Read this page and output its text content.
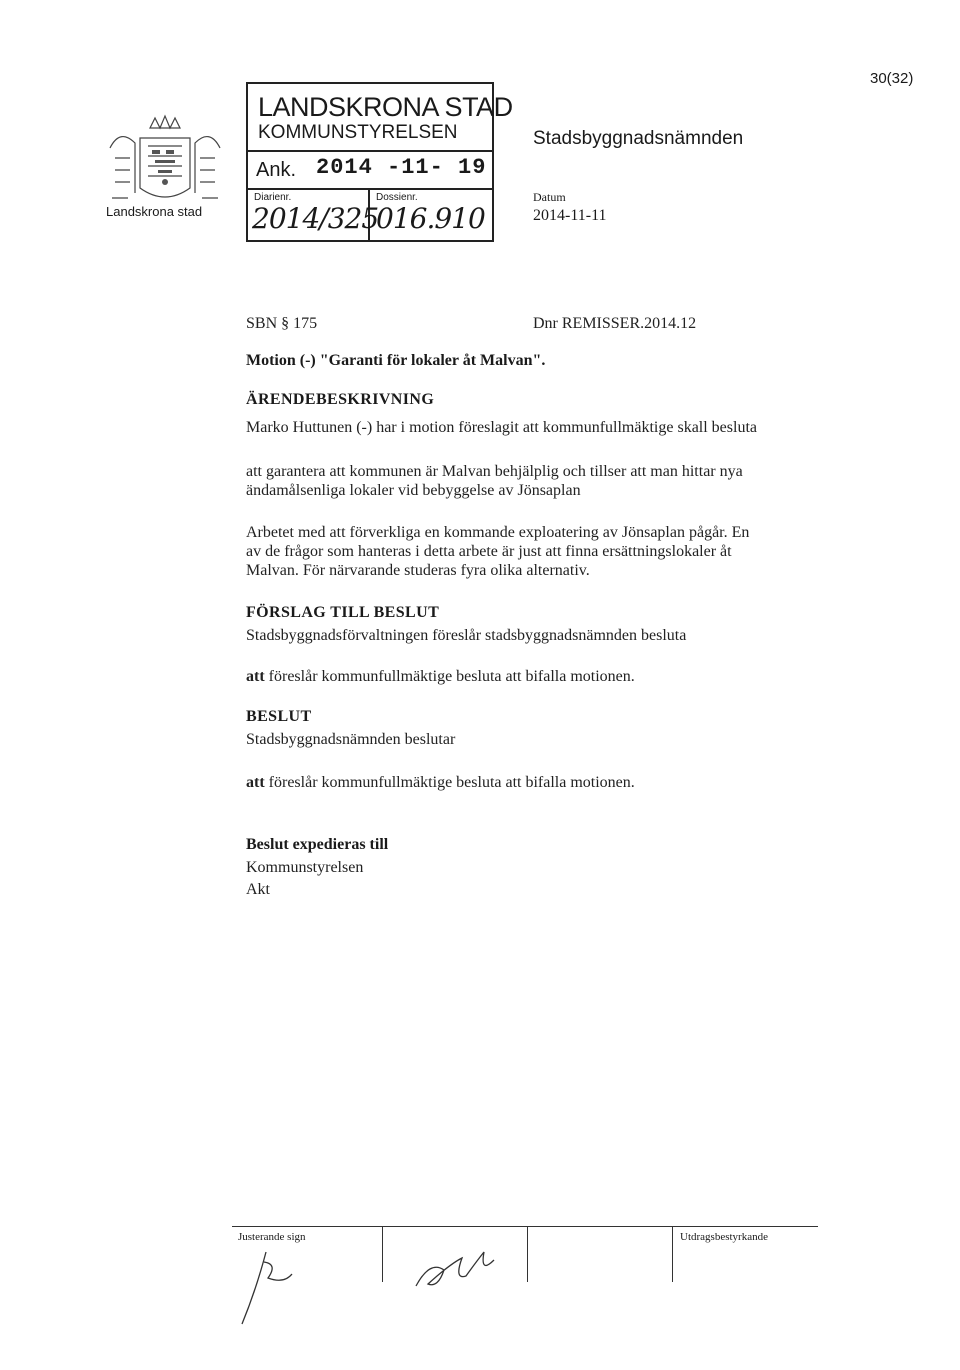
Landskrona stad
LANDSKRONA STAD
KOMMUNSTYRELSEN
Ank. 2014 -11- 19
Diarienr.	Dossienr.
2014/325
016.910
30(32)
Stadsbyggnadsnämnden
Datum
2014-11-11
SBN § 175	Dnr REMISSER.2014.12
Motion (-) "Garanti för lokaler åt Malvan".
ÄRENDEBESKRIVNING
Marko Huttunen (-) har i motion föreslagit att kommunfullmäktige skall besluta
att garantera att kommunen är Malvan behjälplig och tillser att man hittar nya
ändamålsenliga lokaler vid bebyggelse av Jönsaplan
Arbetet med att förverkliga en kommande exploatering av Jönsaplan pågår. En
av de frågor som hanteras i detta arbete är just att finna ersättningslokaler åt
Malvan. För närvarande studeras fyra olika alternativ.
FÖRSLAG TILL BESLUT
Stadsbyggnadsförvaltningen föreslår stadsbyggnadsnämnden besluta
att föreslår kommunfullmäktige besluta att bifalla motionen.
BESLUT
Stadsbyggnadsnämnden beslutar
att föreslår kommunfullmäktige besluta att bifalla motionen.
Beslut expedieras till
Kommunstyrelsen
Akt
Justerande sign	Utdragsbestyrkande
